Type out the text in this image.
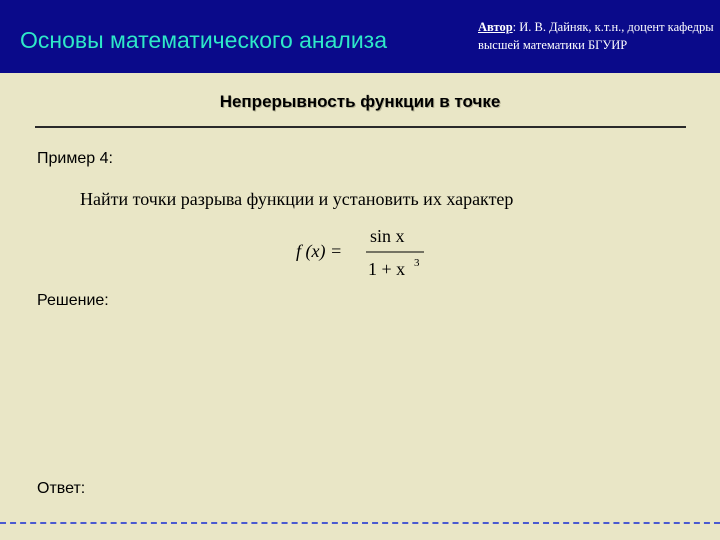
Основы математического анализа	Автор: И. В. Дайняк, к.т.н., доцент кафедры высшей математики БГУИР
Непрерывность функции в точке
Пример 4:
Найти точки разрыва функции и установить их характер
f (x) =
sin x
1 + x 3
Решение:
Ответ:
